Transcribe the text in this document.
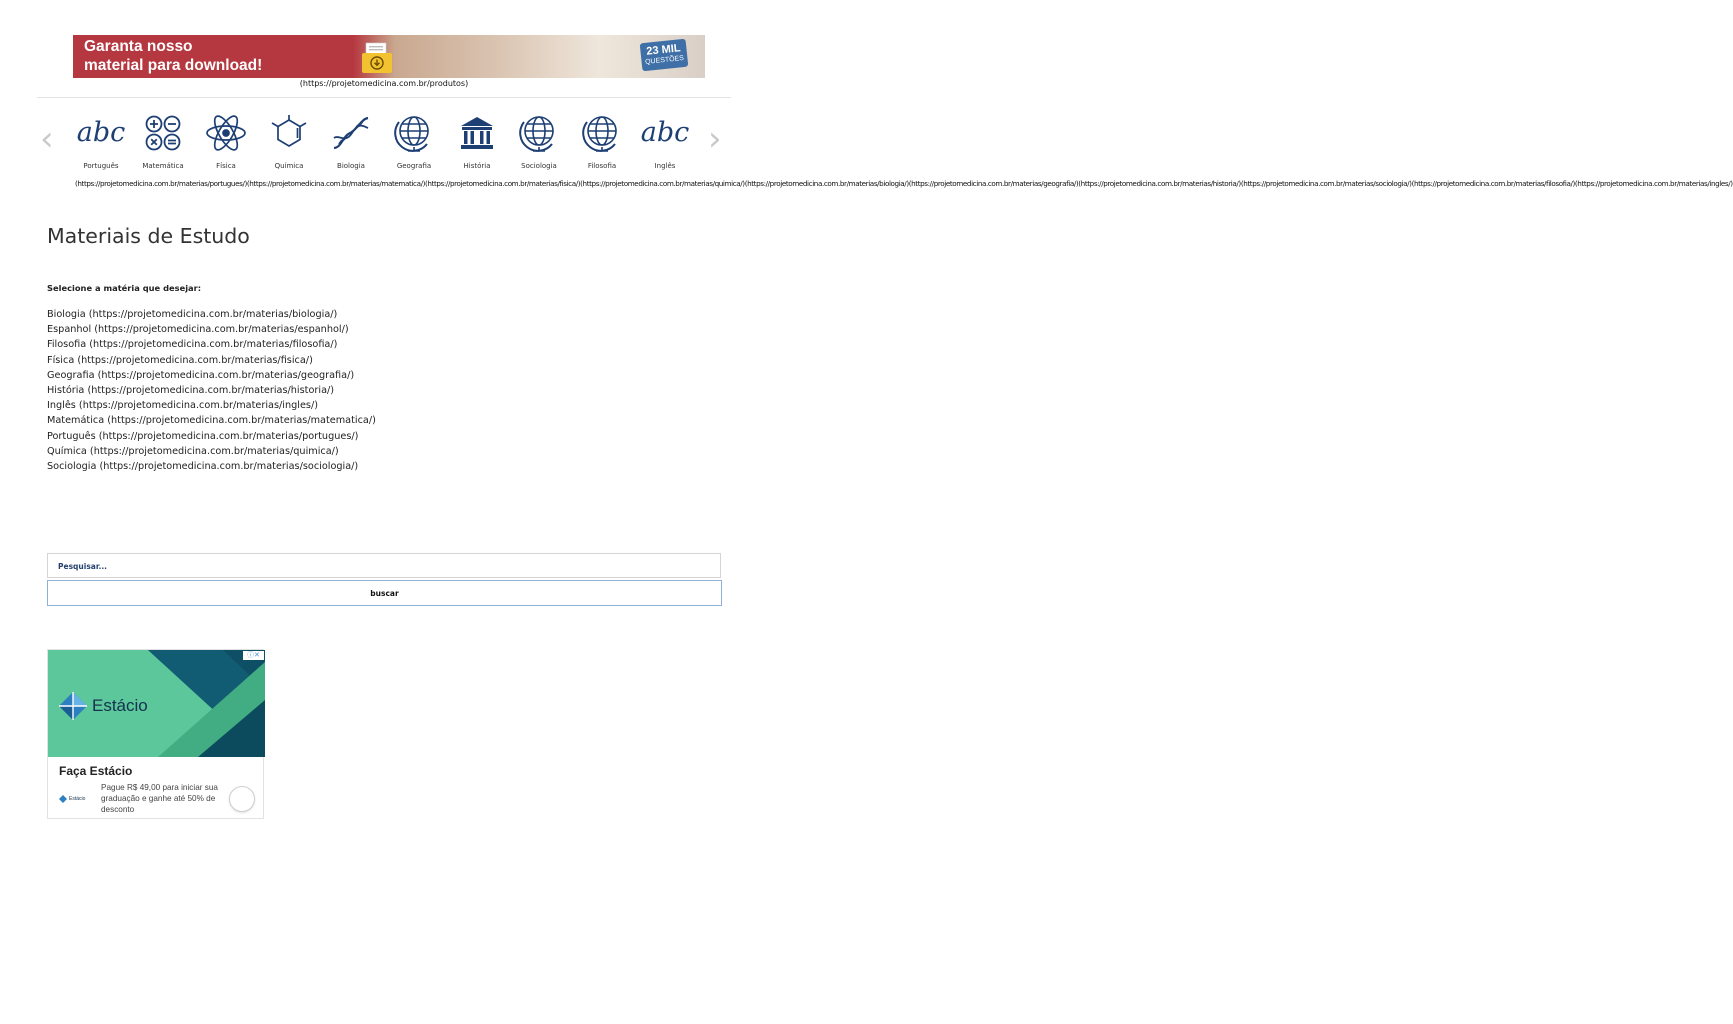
Garanta nosso
material para download!
23 MIL
QUESTÕES
(https://projetomedicina.com.br/produtos)
‹	›
abc
Português	Matemática	Física	Química	Biologia	Geografia	História	Sociologia	Filosofia
abc
Inglês
(https://projetomedicina.com.br/materias/portugues/)(https://projetomedicina.com.br/materias/matematica/)(https://projetomedicina.com.br/materias/fisica/)(https://projetomedicina.com.br/materias/quimica/)(https://projetomedicina.com.br/materias/biologia/)(https://projetomedicina.com.br/materias/geografia/)(https://projetomedicina.com.br/materias/historia/)(https://projetomedicina.com.br/materias/sociologia/)(https://projetomedicina.com.br/materias/filosofia/)(https://projetomedicina.com.br/materias/ingles/)
Materiais de Estudo
Selecione a matéria que desejar:
Biologia (https://projetomedicina.com.br/materias/biologia/)
Espanhol (https://projetomedicina.com.br/materias/espanhol/)
Filosofia (https://projetomedicina.com.br/materias/filosofia/)
Física (https://projetomedicina.com.br/materias/fisica/)
Geografia (https://projetomedicina.com.br/materias/geografia/)
História (https://projetomedicina.com.br/materias/historia/)
Inglês (https://projetomedicina.com.br/materias/ingles/)
Matemática (https://projetomedicina.com.br/materias/matematica/)
Português (https://projetomedicina.com.br/materias/portugues/)
Química (https://projetomedicina.com.br/materias/quimica/)
Sociologia (https://projetomedicina.com.br/materias/sociologia/)
Pesquisar...
buscar
Estácio
ⓘ✕
Faça Estácio
Estácio
Pague R$ 49,00 para iniciar sua graduação e ganhe até 50% de desconto
